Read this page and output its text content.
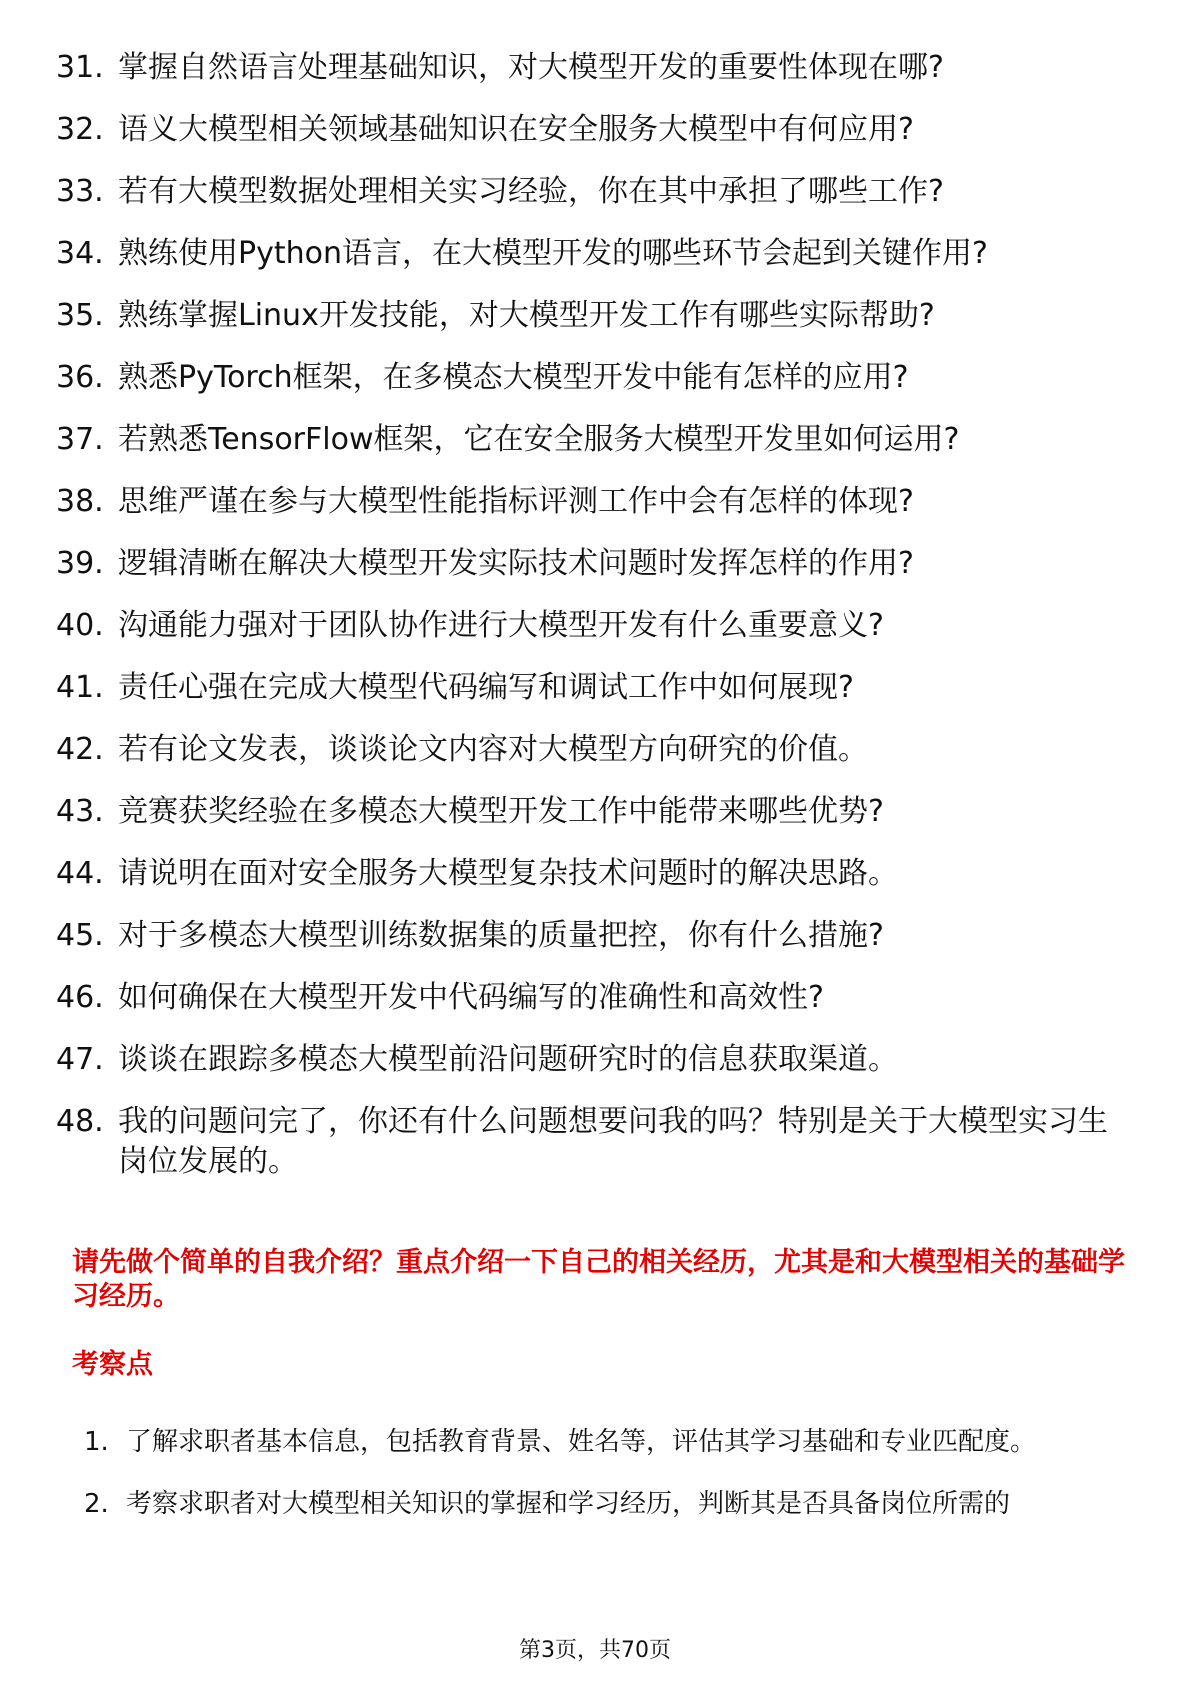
31. 掌握自然语言处理基础知识，对大模型开发的重要性体现在哪?
32. 语义大模型相关领域基础知识在安全服务大模型中有何应用?
33. 若有大模型数据处理相关实习经验，你在其中承担了哪些工作?
34. 熟练使用Python语言，在大模型开发的哪些环节会起到关键作用?
35. 熟练掌握Linux开发技能，对大模型开发工作有哪些实际帮助?
36. 熟悉PyTorch框架，在多模态大模型开发中能有怎样的应用?
37. 若熟悉TensorFlow框架，它在安全服务大模型开发里如何运用?
38. 思维严谨在参与大模型性能指标评测工作中会有怎样的体现?
39. 逻辑清晰在解决大模型开发实际技术问题时发挥怎样的作用?
40. 沟通能力强对于团队协作进行大模型开发有什么重要意义?
41. 责任心强在完成大模型代码编写和调试工作中如何展现?
42. 若有论文发表，谈谈论文内容对大模型方向研究的价值。
43. 竞赛获奖经验在多模态大模型开发工作中能带来哪些优势?
44. 请说明在面对安全服务大模型复杂技术问题时的解决思路。
45. 对于多模态大模型训练数据集的质量把控，你有什么措施?
46. 如何确保在大模型开发中代码编写的准确性和高效性?
47. 谈谈在跟踪多模态大模型前沿问题研究时的信息获取渠道。
48. 我的问题问完了，你还有什么问题想要问我的吗？特别是关于大模型实习生岗位发展的。
请先做个简单的自我介绍？重点介绍一下自己的相关经历，尤其是和大模型相关的基础学习经历。
考察点
1. 了解求职者基本信息，包括教育背景、姓名等，评估其学习基础和专业匹配度。
2. 考察求职者对大模型相关知识的掌握和学习经历，判断其是否具备岗位所需的
第3页，共70页
